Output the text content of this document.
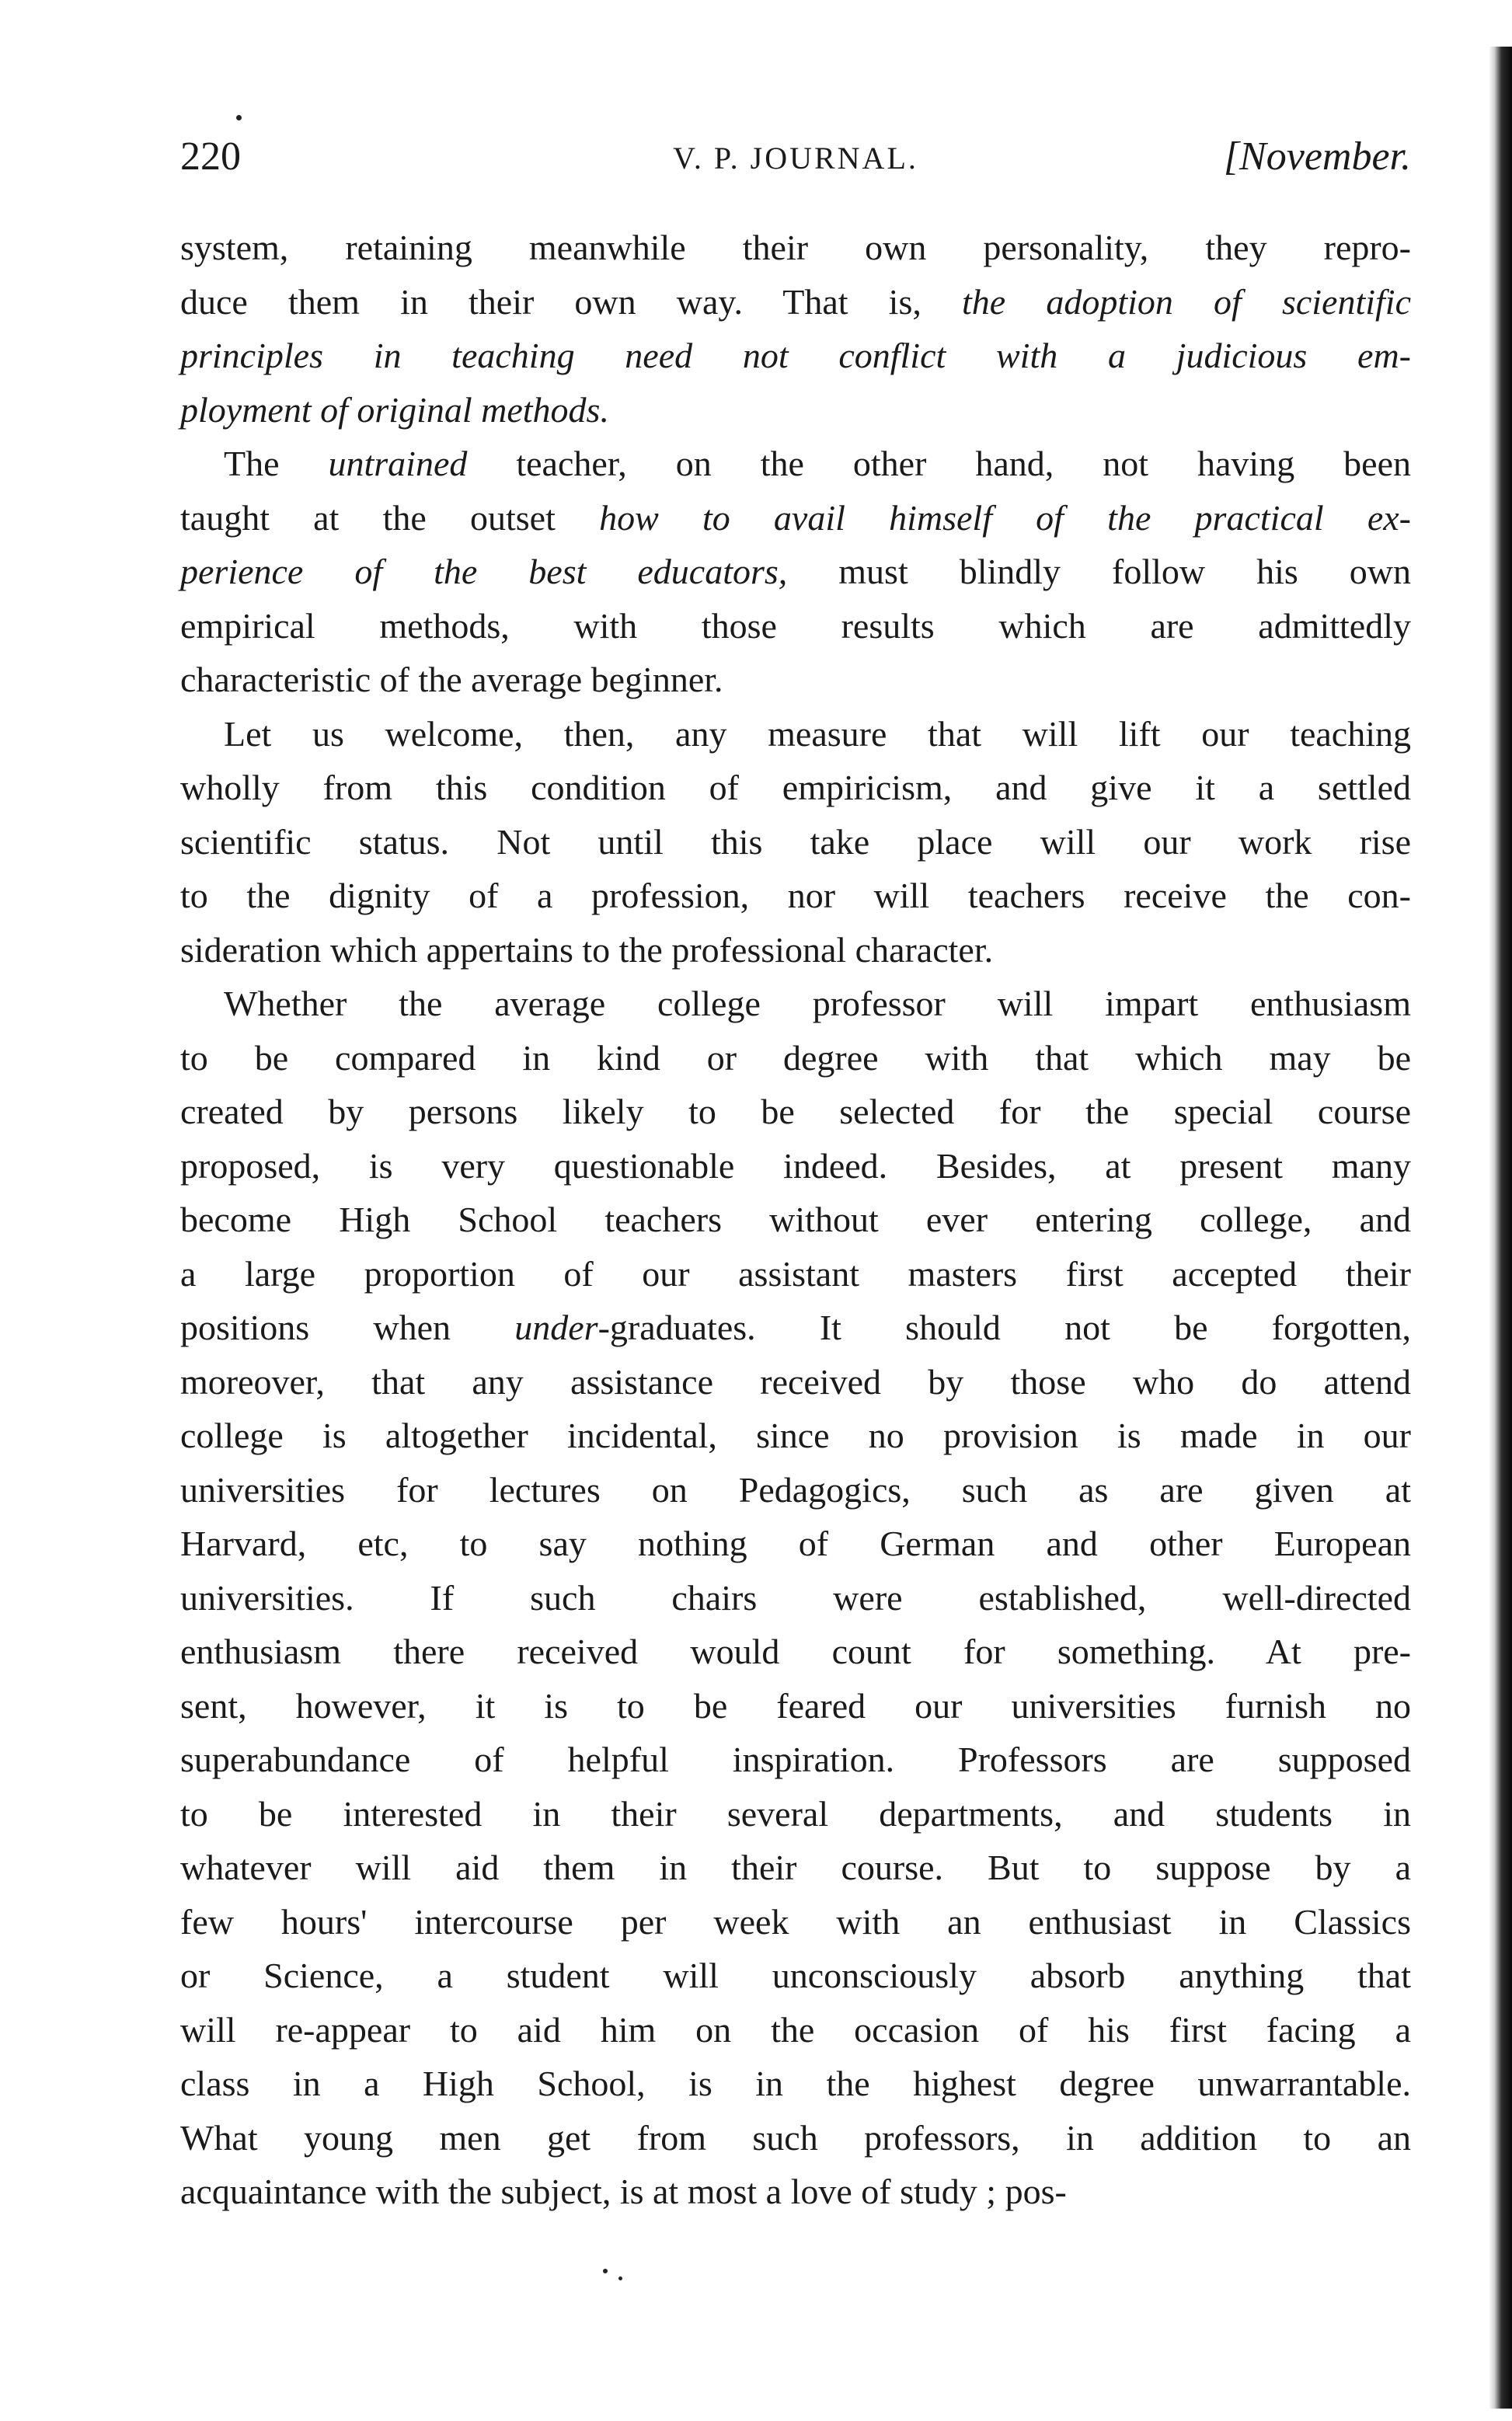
220	V. P. JOURNAL.	[November.

system, retaining meanwhile their own personality, they repro-
duce them in their own way. That is, the adoption of scientific
principles in teaching need not conflict with a judicious em-
ployment of original methods.

The untrained teacher, on the other hand, not having been
taught at the outset how to avail himself of the practical ex-
perience of the best educators, must blindly follow his own
empirical methods, with those results which are admittedly
characteristic of the average beginner.

Let us welcome, then, any measure that will lift our teaching
wholly from this condition of empiricism, and give it a settled
scientific status. Not until this take place will our work rise
to the dignity of a profession, nor will teachers receive the con-
sideration which appertains to the professional character.

Whether the average college professor will impart enthusiasm
to be compared in kind or degree with that which may be
created by persons likely to be selected for the special course
proposed, is very questionable indeed. Besides, at present many
become High School teachers without ever entering college, and
a large proportion of our assistant masters first accepted their
positions when under-graduates. It should not be forgotten,
moreover, that any assistance received by those who do attend
college is altogether incidental, since no provision is made in our
universities for lectures on Pedagogics, such as are given at
Harvard, etc, to say nothing of German and other European
universities. If such chairs were established, well-directed
enthusiasm there received would count for something. At pre-
sent, however, it is to be feared our universities furnish no
superabundance of helpful inspiration. Professors are supposed
to be interested in their several departments, and students in
whatever will aid them in their course. But to suppose by a
few hours' intercourse per week with an enthusiast in Classics
or Science, a student will unconsciously absorb anything that
will re-appear to aid him on the occasion of his first facing a
class in a High School, is in the highest degree unwarrantable.
What young men get from such professors, in addition to an
acquaintance with the subject, is at most a love of study ; pos-
